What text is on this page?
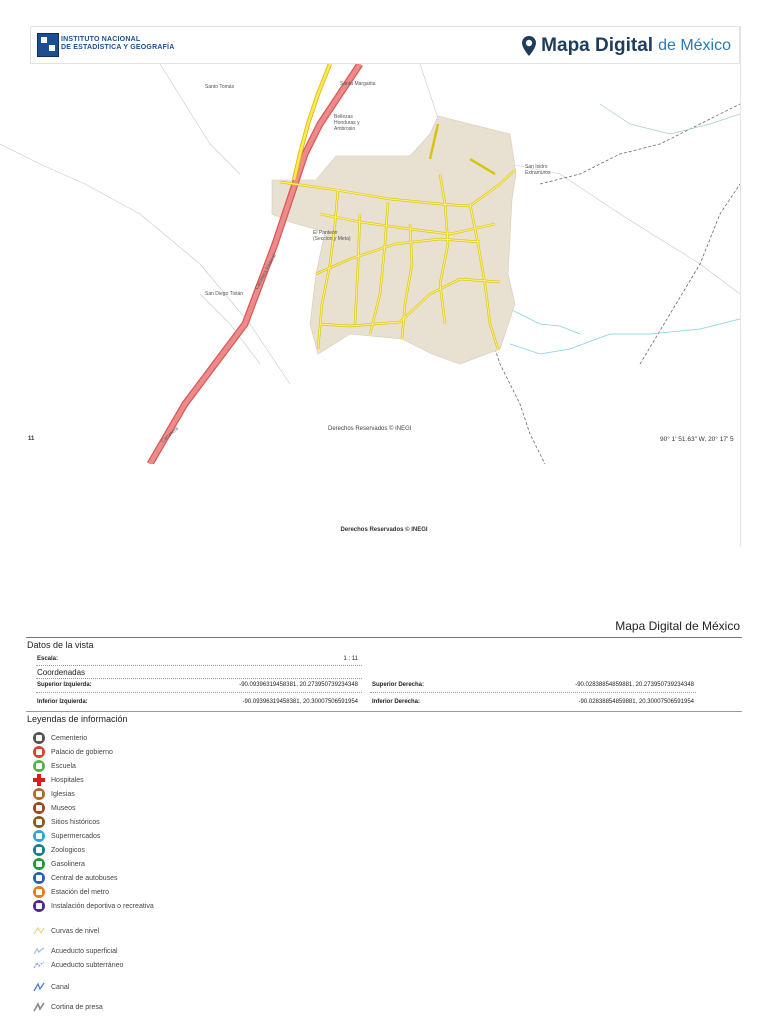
INSTITUTO NACIONAL
DE ESTADÍSTICA Y GEOGRAFÍA	Mapa Digital de México
Santo Tomás	Santa Margarita
Bellezas
Honduras y
Ambrosio
San Isidro
Extramuros
El Panteón
(Seccion y Meta)
San Diego Tixtán
Carretera Federal
Carretera
11
Derechos Reservados © INEGI
90° 1' 51.63" W, 20° 17' 5
Derechos Reservados © INEGI
Mapa Digital de México
Datos de la vista
Escala:	1 : 11
Coordenadas
Superior Izquierda:	-90.09396319458381, 20.273950739234348 Superior Derecha:	-90.02838854859881, 20.273950739234348
Inferior Izquierda:	-90.09396319458381, 20.30007506591954 Inferior Derecha:	-90.02838854859881, 20.30007506591954
Leyendas de información
Cementerio
Palacio de gobierno
Escuela
Hospitales
Iglesias
Museos
Sitios históricos
Supermercados
Zoologicos
Gasolinera
Central de autobuses
Estación del metro
Instalación deportiva o recreativa
Curvas de nivel
Acueducto superficial
Acueducto subterráneo
Canal
Cortina de presa
